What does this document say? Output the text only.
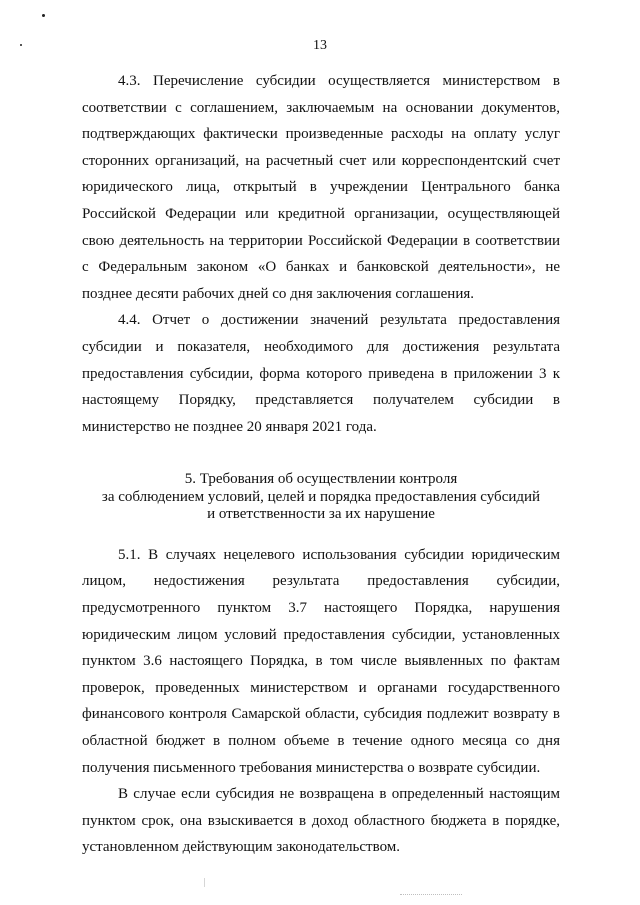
13

4.3. Перечисление субсидии осуществляется министерством в соответствии с соглашением, заключаемым на основании документов, подтверждающих фактически произведенные расходы на оплату услуг сторонних организаций, на расчетный счет или корреспондентский счет юридического лица, открытый в учреждении Центрального банка Российской Федерации или кредитной организации, осуществляющей свою деятельность на территории Российской Федерации в соответствии с Федеральным законом «О банках и банковской деятельности», не позднее десяти рабочих дней со дня заключения соглашения.

4.4. Отчет о достижении значений результата предоставления субсидии и показателя, необходимого для достижения результата предоставления субсидии, форма которого приведена в приложении 3 к настоящему Порядку, представляется получателем субсидии в министерство не позднее 20 января 2021 года.

5. Требования об осуществлении контроля
за соблюдением условий, целей и порядка предоставления субсидий
и ответственности за их нарушение

5.1. В случаях нецелевого использования субсидии юридическим лицом, недостижения результата предоставления субсидии, предусмотренного пунктом 3.7 настоящего Порядка, нарушения юридическим лицом условий предоставления субсидии, установленных пунктом 3.6 настоящего Порядка, в том числе выявленных по фактам проверок, проведенных министерством и органами государственного финансового контроля Самарской области, субсидия подлежит возврату в областной бюджет в полном объеме в течение одного месяца со дня получения письменного требования министерства о возврате субсидии.

В случае если субсидия не возвращена в определенный настоящим пунктом срок, она взыскивается в доход областного бюджета в порядке, установленном действующим законодательством.
